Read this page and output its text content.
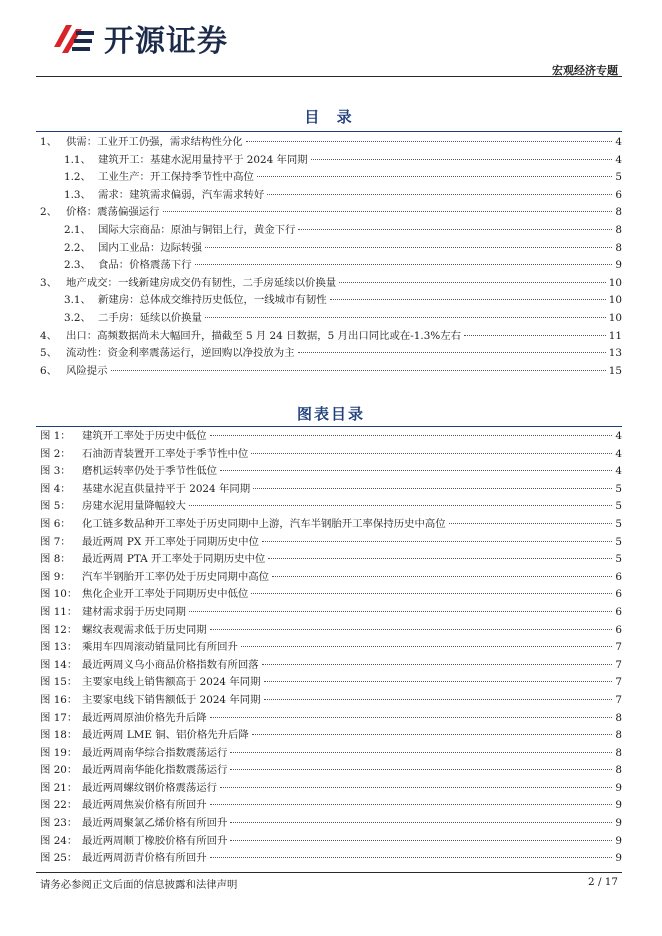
开源证券
宏观经济专题
目 录
1、 供需：工业开工仍强，需求结构性分化	4
1.1、 建筑开工：基建水泥用量持平于 2024 年同期	4
1.2、 工业生产：开工保持季节性中高位	5
1.3、 需求：建筑需求偏弱，汽车需求转好	6
2、 价格：震荡偏强运行	8
2.1、 国际大宗商品：原油与铜铝上行，黄金下行	8
2.2、 国内工业品：边际转强	8
2.3、 食品：价格震荡下行	9
3、 地产成交：一线新建房成交仍有韧性，二手房延续以价换量	10
3.1、 新建房：总体成交维持历史低位，一线城市有韧性	10
3.2、 二手房：延续以价换量	10
4、 出口：高频数据尚未大幅回升，描截至 5 月 24 日数据，5 月出口同比或在-1.3%左右	11
5、 流动性：资金利率震荡运行，逆回购以净投放为主	13
6、 风险提示	15
图表目录
图 1：	建筑开工率处于历史中低位	4
图 2：	石油沥青装置开工率处于季节性中位	4
图 3：	磨机运转率仍处于季节性低位	4
图 4：	基建水泥直供量持平于 2024 年同期	5
图 5：	房建水泥用量降幅较大	5
图 6：	化工链多数品种开工率处于历史同期中上游，汽车半钢胎开工率保持历史中高位	5
图 7：	最近两周 PX 开工率处于同期历史中位	5
图 8：	最近两周 PTA 开工率处于同期历史中位	5
图 9：	汽车半钢胎开工率仍处于历史同期中高位	6
图 10： 焦化企业开工率处于同期历史中低位	6
图 11： 建材需求弱于历史同期	6
图 12： 螺纹表观需求低于历史同期	6
图 13： 乘用车四周滚动销量同比有所回升	7
图 14： 最近两周义乌小商品价格指数有所回落	7
图 15： 主要家电线上销售额高于 2024 年同期	7
图 16： 主要家电线下销售额低于 2024 年同期	7
图 17： 最近两周原油价格先升后降	8
图 18： 最近两周 LME 铜、铝价格先升后降	8
图 19： 最近两周南华综合指数震荡运行	8
图 20： 最近两周南华能化指数震荡运行	8
图 21： 最近两周螺纹钢价格震荡运行	9
图 22： 最近两周焦炭价格有所回升	9
图 23： 最近两周聚氯乙烯价格有所回升	9
图 24： 最近两周顺丁橡胶价格有所回升	9
图 25： 最近两周沥青价格有所回升	9
请务必参阅正文后面的信息披露和法律声明	2 / 17
